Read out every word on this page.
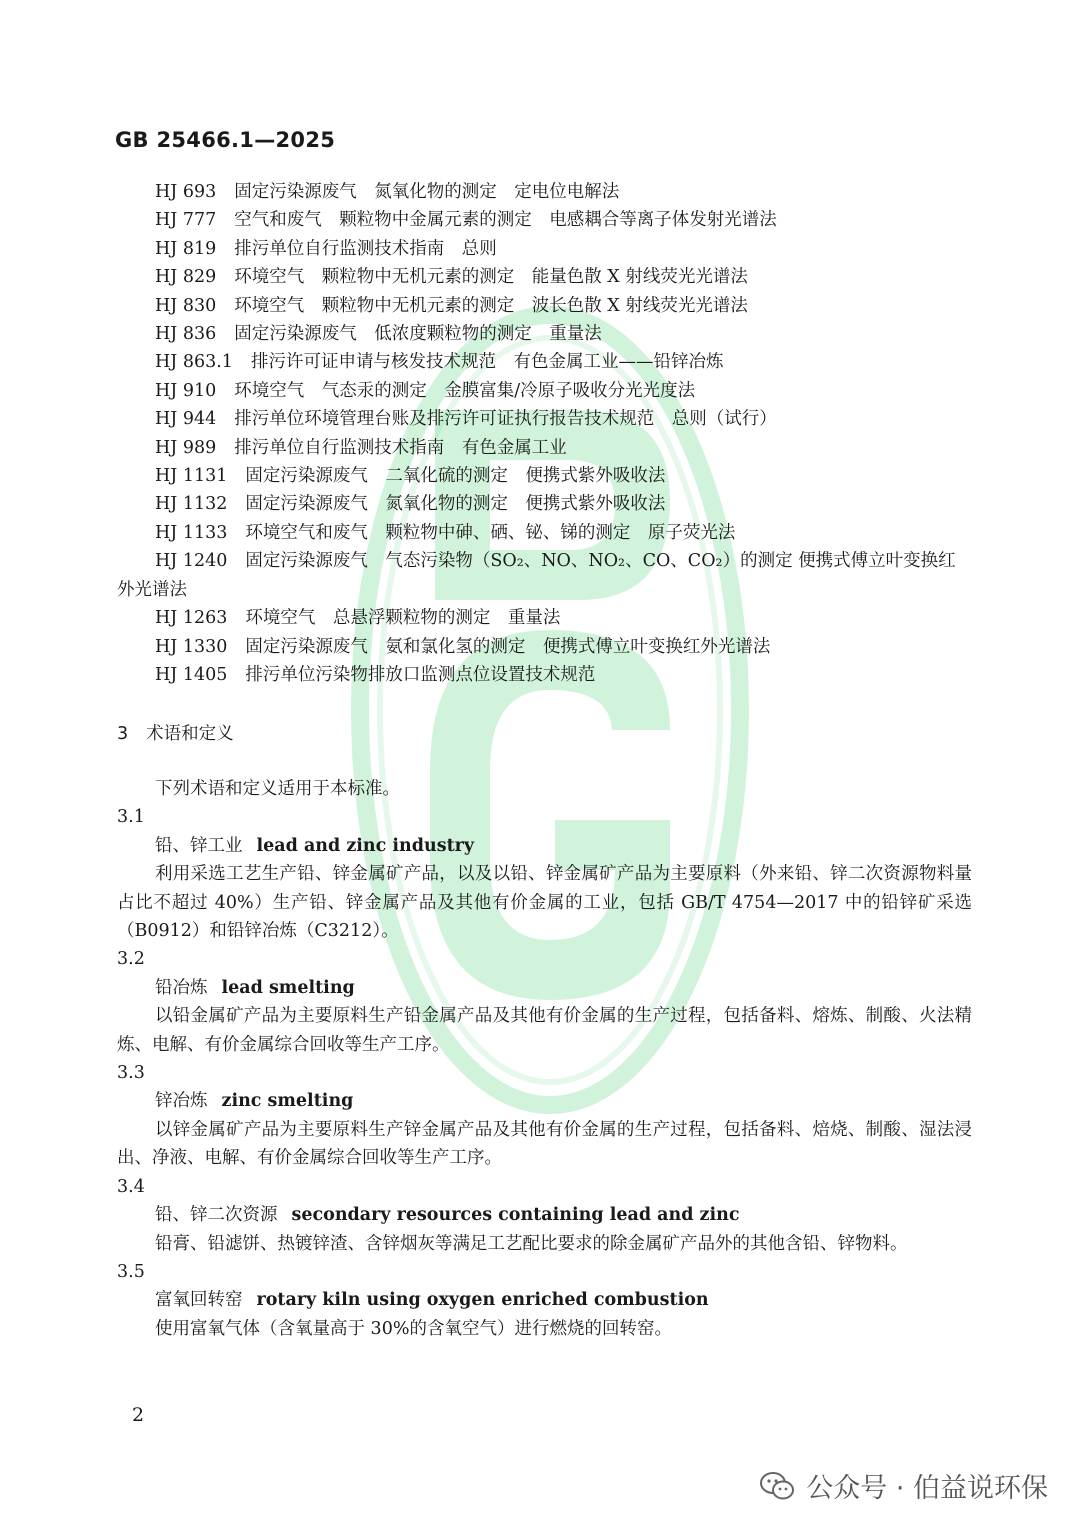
GB 25466.1—2025
HJ 693 固定污染源废气　氮氧化物的测定　定电位电解法
HJ 777 空气和废气　颗粒物中金属元素的测定　电感耦合等离子体发射光谱法
HJ 819 排污单位自行监测技术指南　总则
HJ 829 环境空气　颗粒物中无机元素的测定　能量色散 X 射线荧光光谱法
HJ 830 环境空气　颗粒物中无机元素的测定　波长色散 X 射线荧光光谱法
HJ 836 固定污染源废气　低浓度颗粒物的测定　重量法
HJ 863.1 排污许可证申请与核发技术规范　有色金属工业——铅锌冶炼
HJ 910 环境空气　气态汞的测定　金膜富集/冷原子吸收分光光度法
HJ 944 排污单位环境管理台账及排污许可证执行报告技术规范　总则（试行）
HJ 989 排污单位自行监测技术指南　有色金属工业
HJ 1131 固定污染源废气　二氧化硫的测定　便携式紫外吸收法
HJ 1132 固定污染源废气　氮氧化物的测定　便携式紫外吸收法
HJ 1133 环境空气和废气　颗粒物中砷、硒、铋、锑的测定　原子荧光法
HJ 1240 固定污染源废气　气态污染物（SO₂、NO、NO₂、CO、CO₂）的测定 便携式傅立叶变换红外光谱法
HJ 1263 环境空气　总悬浮颗粒物的测定　重量法
HJ 1330 固定污染源废气　氨和氯化氢的测定　便携式傅立叶变换红外光谱法
HJ 1405 排污单位污染物排放口监测点位设置技术规范
3 术语和定义
下列术语和定义适用于本标准。
3.1
铅、锌工业 lead and zinc industry
利用采选工艺生产铅、锌金属矿产品，以及以铅、锌金属矿产品为主要原料（外来铅、锌二次资源物料量占比不超过 40%）生产铅、锌金属产品及其他有价金属的工业，包括 GB/T 4754—2017 中的铅锌矿采选（B0912）和铅锌冶炼（C3212）。
3.2
铅冶炼 lead smelting
以铅金属矿产品为主要原料生产铅金属产品及其他有价金属的生产过程，包括备料、熔炼、制酸、火法精炼、电解、有价金属综合回收等生产工序。
3.3
锌冶炼 zinc smelting
以锌金属矿产品为主要原料生产锌金属产品及其他有价金属的生产过程，包括备料、焙烧、制酸、湿法浸出、净液、电解、有价金属综合回收等生产工序。
3.4
铅、锌二次资源 secondary resources containing lead and zinc
铅膏、铅滤饼、热镀锌渣、含锌烟灰等满足工艺配比要求的除金属矿产品外的其他含铅、锌物料。
3.5
富氧回转窑 rotary kiln using oxygen enriched combustion
使用富氧气体（含氧量高于 30%的含氧空气）进行燃烧的回转窑。
2
公众号 · 伯益说环保
